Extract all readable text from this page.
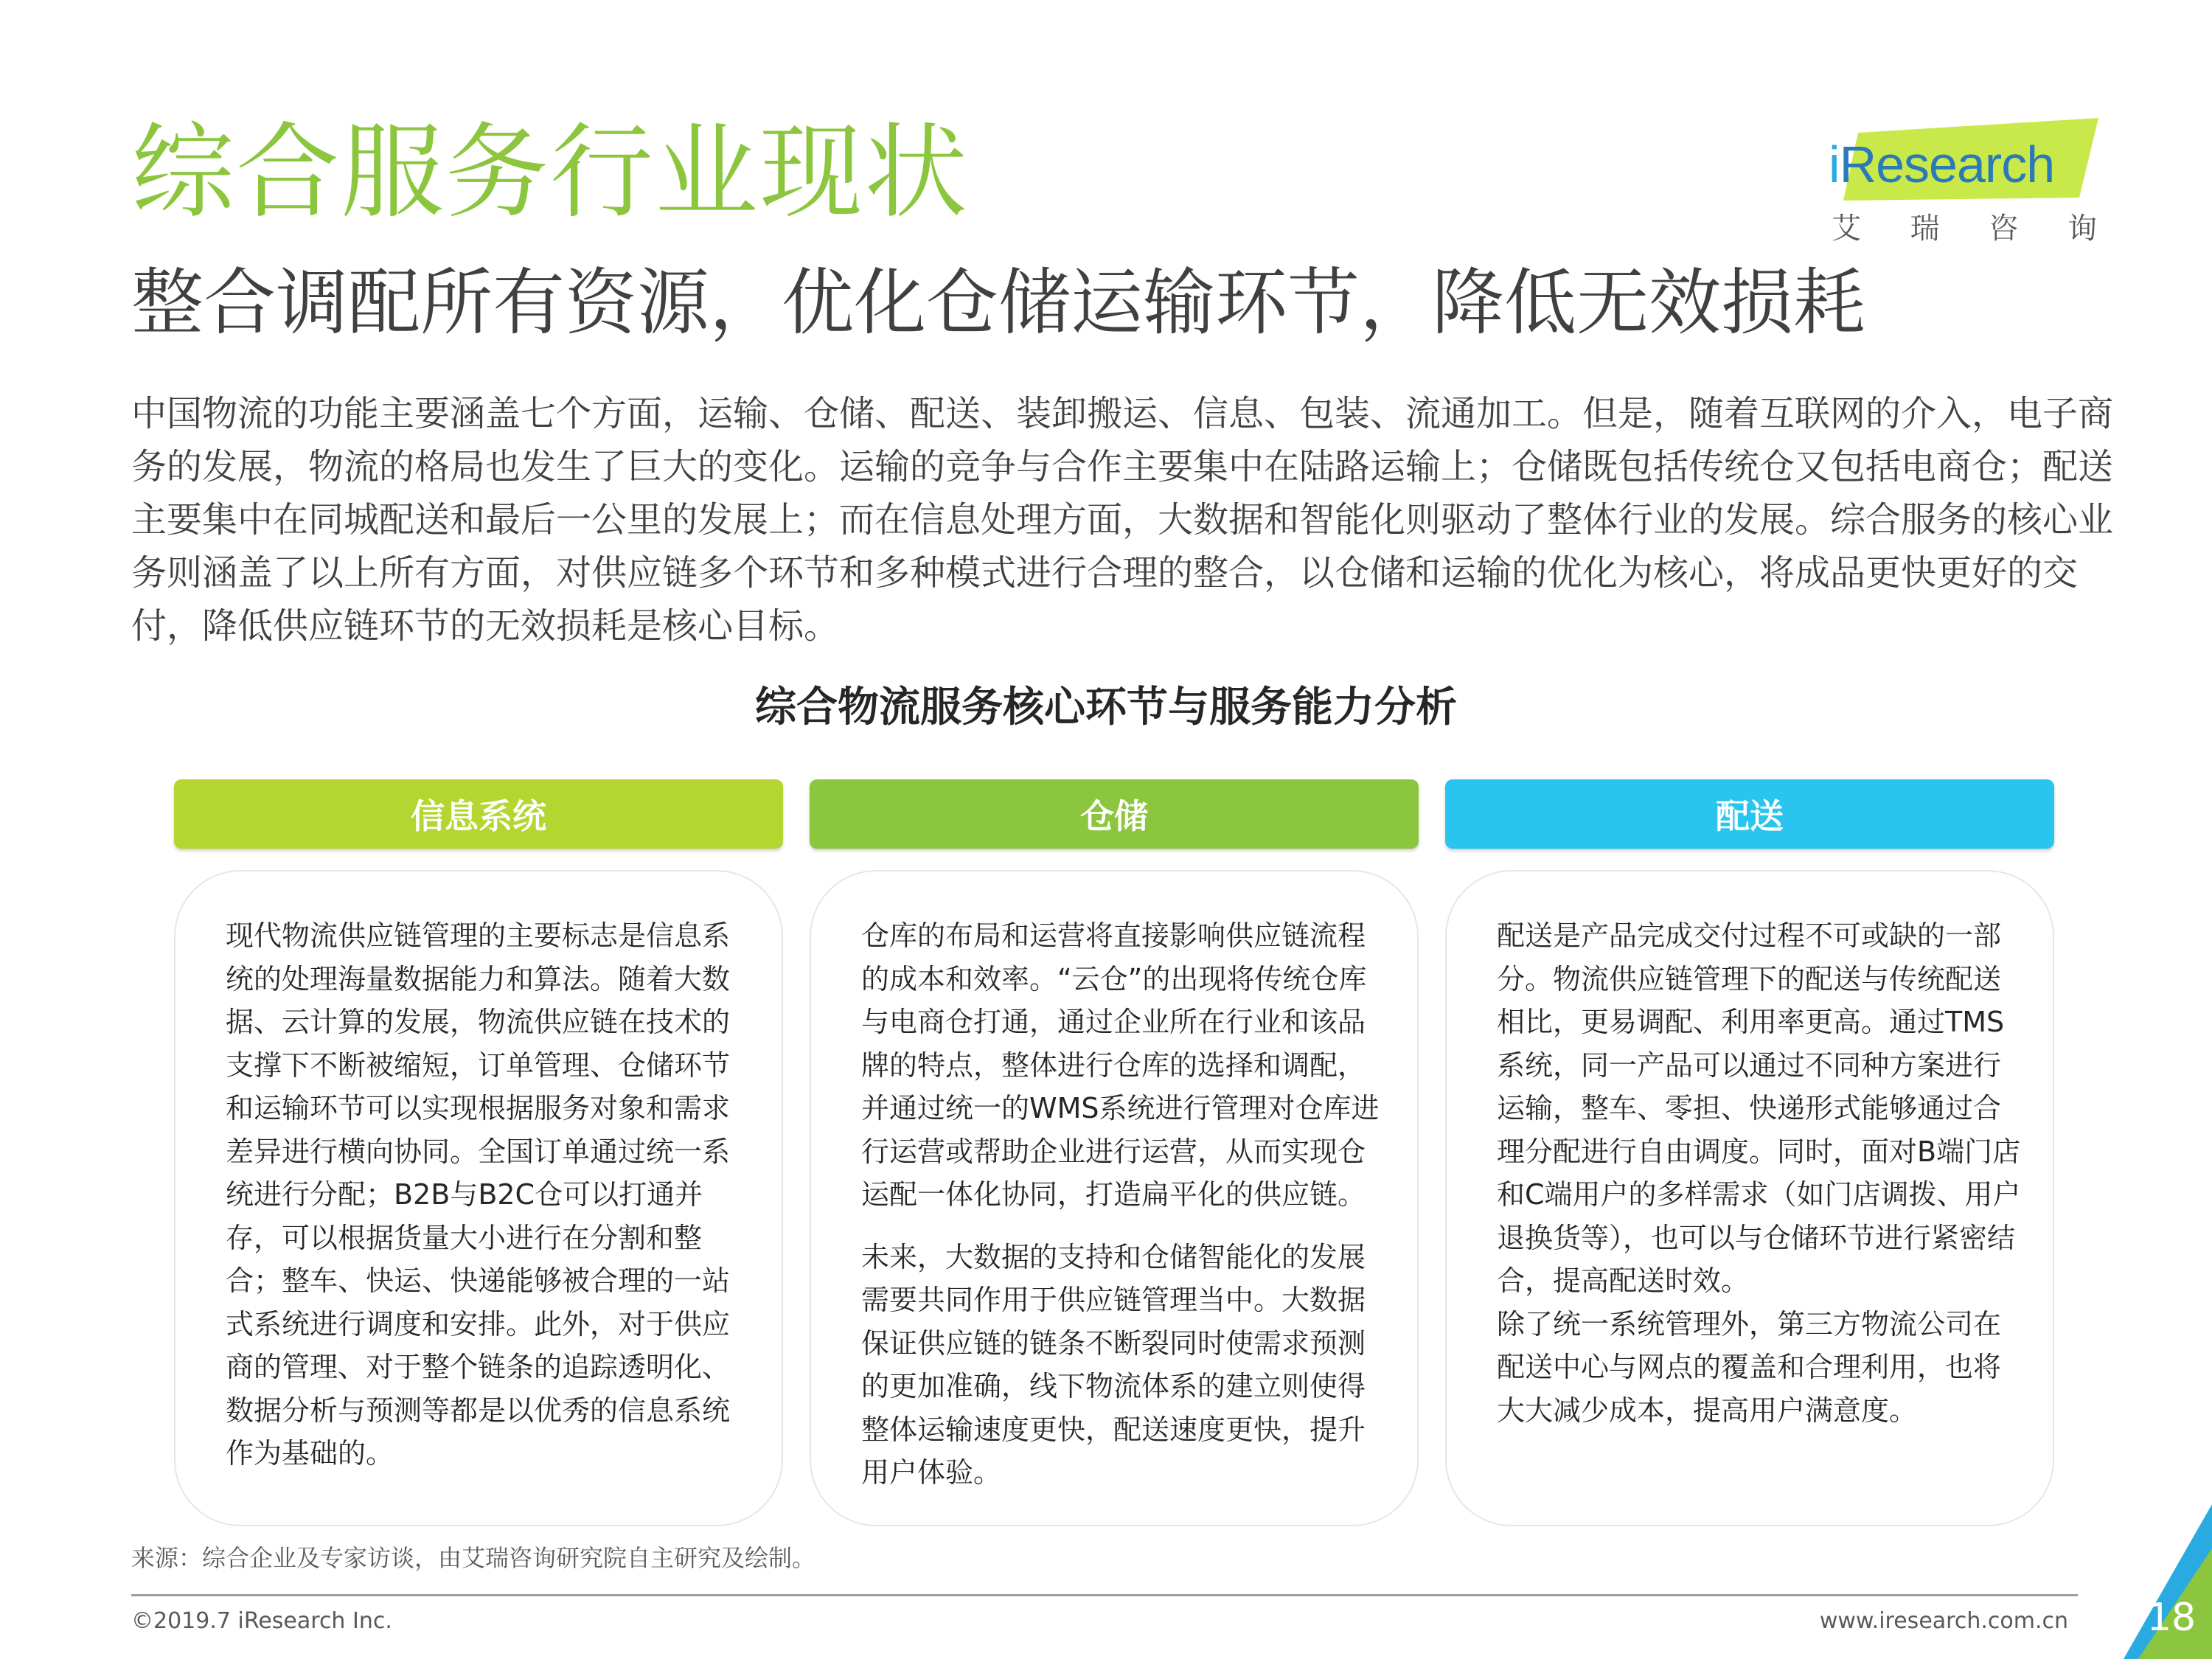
综合服务行业现状
整合调配所有资源，优化仓储运输环节，降低无效损耗
iResearch
艾 瑞 咨 询

中国物流的功能主要涵盖七个方面，运输、仓储、配送、装卸搬运、信息、包装、流通加工。但是，随着互联网的介入，电子商务的发展，物流的格局也发生了巨大的变化。运输的竞争与合作主要集中在陆路运输上；仓储既包括传统仓又包括电商仓；配送主要集中在同城配送和最后一公里的发展上；而在信息处理方面，大数据和智能化则驱动了整体行业的发展。综合服务的核心业务则涵盖了以上所有方面，对供应链多个环节和多种模式进行合理的整合，以仓储和运输的优化为核心，将成品更快更好的交付，降低供应链环节的无效损耗是核心目标。

综合物流服务核心环节与服务能力分析
信息系统	仓储	配送
现代物流供应链管理的主要标志是信息系统的处理海量数据能力和算法。随着大数据、云计算的发展，物流供应链在技术的支撑下不断被缩短，订单管理、仓储环节和运输环节可以实现根据服务对象和需求差异进行横向协同。全国订单通过统一系统进行分配；B2B与B2C仓可以打通并存，可以根据货量大小进行在分割和整合；整车、快运、快递能够被合理的一站式系统进行调度和安排。此外，对于供应商的管理、对于整个链条的追踪透明化、数据分析与预测等都是以优秀的信息系统作为基础的。
仓库的布局和运营将直接影响供应链流程的成本和效率。“云仓”的出现将传统仓库与电商仓打通，通过企业所在行业和该品牌的特点，整体进行仓库的选择和调配，并通过统一的WMS系统进行管理对仓库进行运营或帮助企业进行运营，从而实现仓运配一体化协同，打造扁平化的供应链。
未来，大数据的支持和仓储智能化的发展需要共同作用于供应链管理当中。大数据保证供应链的链条不断裂同时使需求预测的更加准确，线下物流体系的建立则使得整体运输速度更快，配送速度更快，提升用户体验。
配送是产品完成交付过程不可或缺的一部分。物流供应链管理下的配送与传统配送相比，更易调配、利用率更高。通过TMS系统，同一产品可以通过不同种方案进行运输，整车、零担、快递形式能够通过合理分配进行自由调度。同时，面对B端门店和C端用户的多样需求（如门店调拨、用户退换货等），也可以与仓储环节进行紧密结合，提高配送时效。
除了统一系统管理外，第三方物流公司在配送中心与网点的覆盖和合理利用，也将大大减少成本，提高用户满意度。
来源：综合企业及专家访谈，由艾瑞咨询研究院自主研究及绘制。
©2019.7 iResearch Inc.	www.iresearch.com.cn 18
